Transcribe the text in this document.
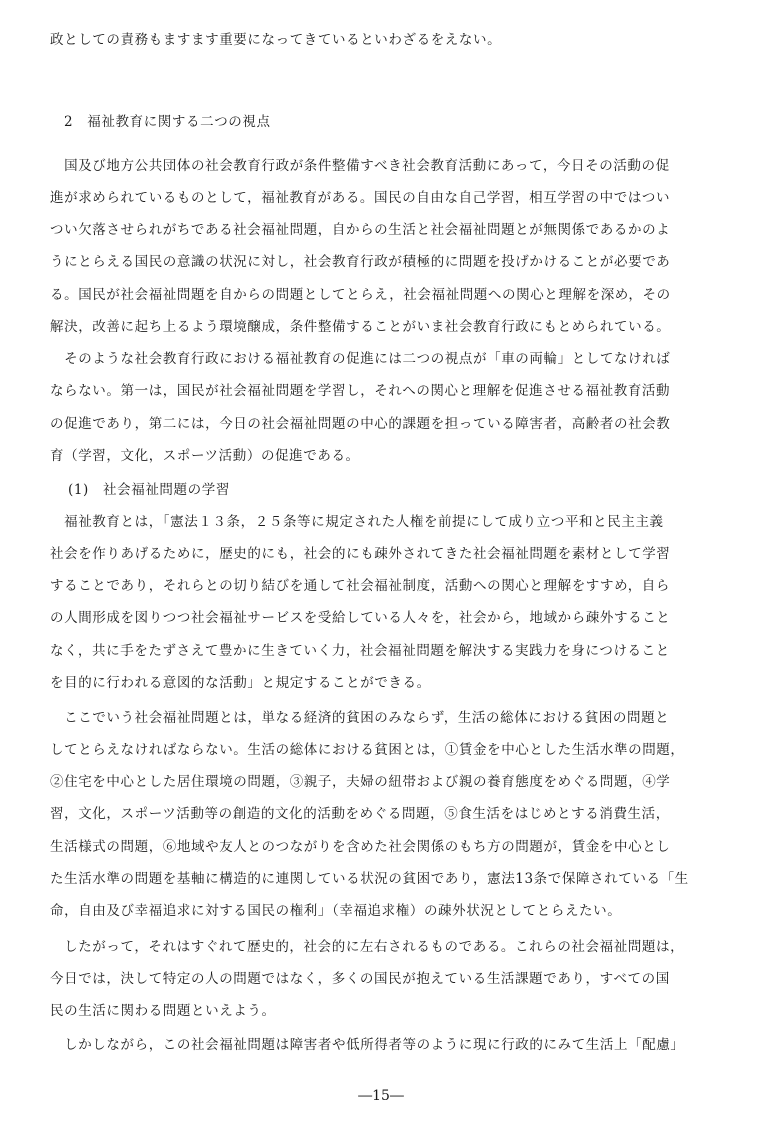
政としての責務もますます重要になってきているといわざるをえない。
2　福祉教育に関する二つの視点
　国及び地方公共団体の社会教育行政が条件整備すべき社会教育活動にあって，今日その活動の促
進が求められているものとして，福祉教育がある。国民の自由な自己学習，相互学習の中ではつい
つい欠落させられがちである社会福祉問題，自からの生活と社会福祉問題とが無関係であるかのよ
うにとらえる国民の意識の状況に対し，社会教育行政が積極的に問題を投げかけることが必要であ
る。国民が社会福祉問題を自からの問題としてとらえ，社会福祉問題への関心と理解を深め，その
解決，改善に起ち上るよう環境醸成，条件整備することがいま社会教育行政にもとめられている。
　そのような社会教育行政における福祉教育の促進には二つの視点が「車の両輪」としてなければ
ならない。第一は，国民が社会福祉問題を学習し，それへの関心と理解を促進させる福祉教育活動
の促進であり，第二には，今日の社会福祉問題の中心的課題を担っている障害者，高齢者の社会教
育（学習，文化，スポーツ活動）の促進である。
(1)　社会福祉問題の学習
　福祉教育とは，「憲法１３条，２５条等に規定された人権を前提にして成り立つ平和と民主主義
社会を作りあげるために，歴史的にも，社会的にも疎外されてきた社会福祉問題を素材として学習
することであり，それらとの切り結びを通して社会福祉制度，活動への関心と理解をすすめ，自ら
の人間形成を図りつつ社会福祉サービスを受給している人々を，社会から，地域から疎外すること
なく，共に手をたずさえて豊かに生きていく力，社会福祉問題を解決する実践力を身につけること
を目的に行われる意図的な活動」と規定することができる。
　ここでいう社会福祉問題とは，単なる経済的貧困のみならず，生活の総体における貧困の問題と
してとらえなければならない。生活の総体における貧困とは，①賃金を中心とした生活水準の問題，
②住宅を中心とした居住環境の問題，③親子，夫婦の紐帯および親の養育態度をめぐる問題，④学
習，文化，スポーツ活動等の創造的文化的活動をめぐる問題，⑤食生活をはじめとする消費生活，
生活様式の問題，⑥地域や友人とのつながりを含めた社会関係のもち方の問題が，賃金を中心とし
た生活水準の問題を基軸に構造的に連関している状況の貧困であり，憲法13条で保障されている「生
命，自由及び幸福追求に対する国民の権利」（幸福追求権）の疎外状況としてとらえたい。
　したがって，それはすぐれて歴史的，社会的に左右されるものである。これらの社会福祉問題は，
今日では，決して特定の人の問題ではなく，多くの国民が抱えている生活課題であり，すべての国
民の生活に関わる問題といえよう。
　しかしながら，この社会福祉問題は障害者や低所得者等のように現に行政的にみて生活上「配慮」
―15―
